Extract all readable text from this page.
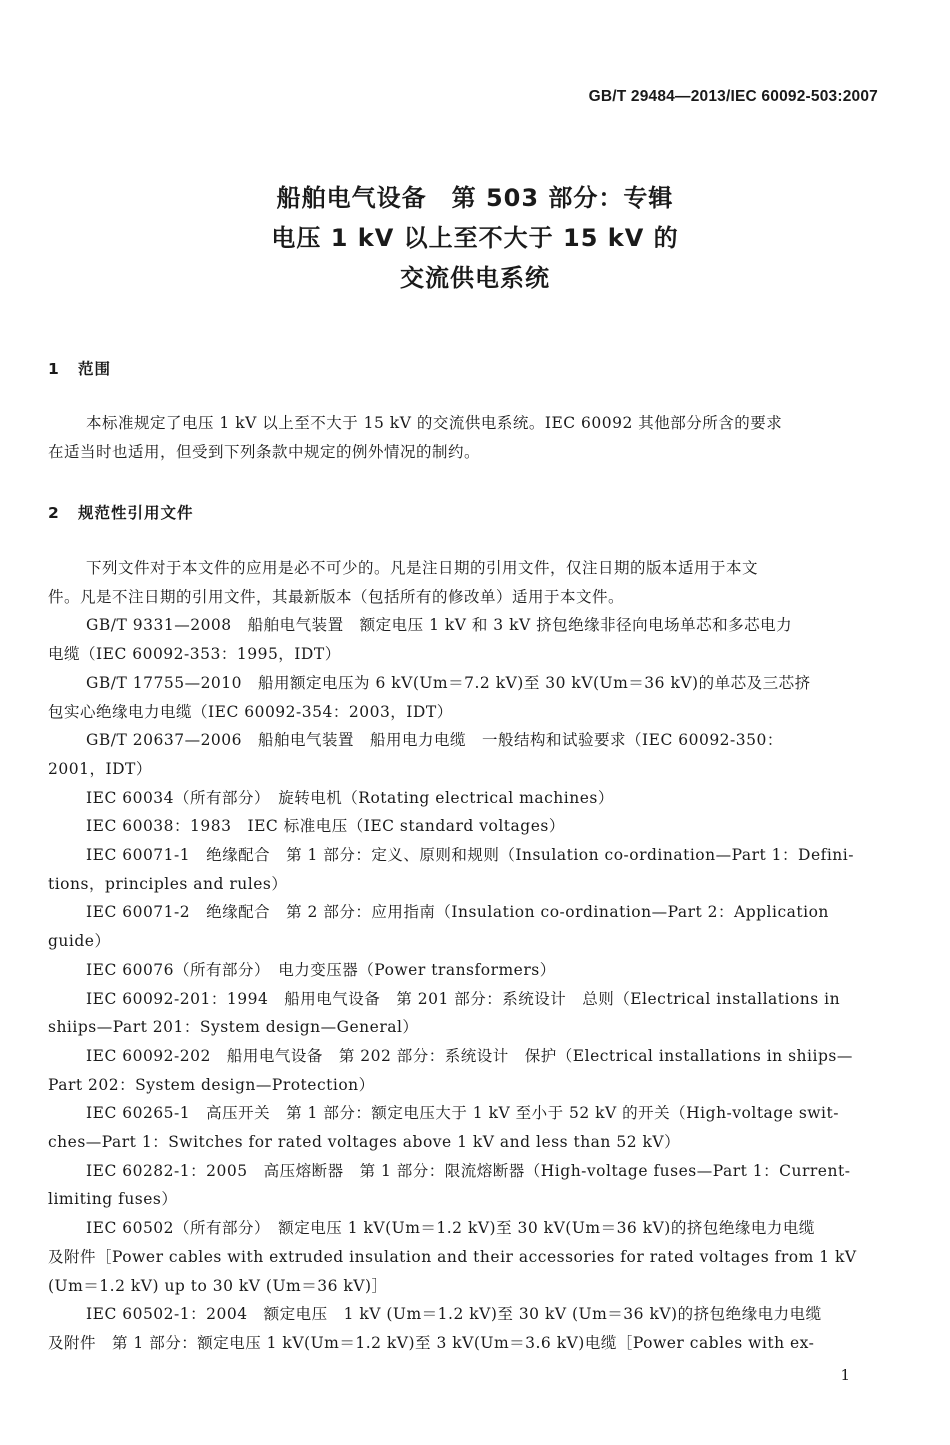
GB/T 29484—2013/IEC 60092-503:2007
船舶电气设备　第 503 部分：专辑
电压 1 kV 以上至不大于 15 kV 的
交流供电系统
1 范围
本标准规定了电压 1 kV 以上至不大于 15 kV 的交流供电系统。IEC 60092 其他部分所含的要求
在适当时也适用，但受到下列条款中规定的例外情况的制约。
2 规范性引用文件
下列文件对于本文件的应用是必不可少的。凡是注日期的引用文件，仅注日期的版本适用于本文
件。凡是不注日期的引用文件，其最新版本（包括所有的修改单）适用于本文件。
GB/T 9331—2008　船舶电气装置　额定电压 1 kV 和 3 kV 挤包绝缘非径向电场单芯和多芯电力
电缆（IEC 60092-353：1995，IDT）
GB/T 17755—2010　船用额定电压为 6 kV(Um＝7.2 kV)至 30 kV(Um＝36 kV)的单芯及三芯挤
包实心绝缘电力电缆（IEC 60092-354：2003，IDT）
GB/T 20637—2006　船舶电气装置　船用电力电缆　一般结构和试验要求（IEC 60092-350：
2001，IDT）
IEC 60034（所有部分）　旋转电机（Rotating electrical machines）
IEC 60038：1983　IEC 标准电压（IEC standard voltages）
IEC 60071-1　绝缘配合　第 1 部分：定义、原则和规则（Insulation co-ordination—Part 1：Defini-
tions，principles and rules）
IEC 60071-2　绝缘配合　第 2 部分：应用指南（Insulation co-ordination—Part 2：Application
guide）
IEC 60076（所有部分）　电力变压器（Power transformers）
IEC 60092-201：1994　船用电气设备　第 201 部分：系统设计　总则（Electrical installations in
shiips—Part 201：System design—General）
IEC 60092-202　船用电气设备　第 202 部分：系统设计　保护（Electrical installations in shiips—
Part 202：System design—Protection）
IEC 60265-1　高压开关　第 1 部分：额定电压大于 1 kV 至小于 52 kV 的开关（High-voltage swit-
ches—Part 1：Switches for rated voltages above 1 kV and less than 52 kV）
IEC 60282-1：2005　高压熔断器　第 1 部分：限流熔断器（High-voltage fuses—Part 1：Current-
limiting fuses）
IEC 60502（所有部分）　额定电压 1 kV(Um＝1.2 kV)至 30 kV(Um＝36 kV)的挤包绝缘电力电缆
及附件［Power cables with extruded insulation and their accessories for rated voltages from 1 kV
(Um＝1.2 kV) up to 30 kV (Um＝36 kV)］
IEC 60502-1：2004　额定电压　1 kV (Um＝1.2 kV)至 30 kV (Um＝36 kV)的挤包绝缘电力电缆
及附件　第 1 部分：额定电压 1 kV(Um＝1.2 kV)至 3 kV(Um＝3.6 kV)电缆［Power cables with ex-
1
